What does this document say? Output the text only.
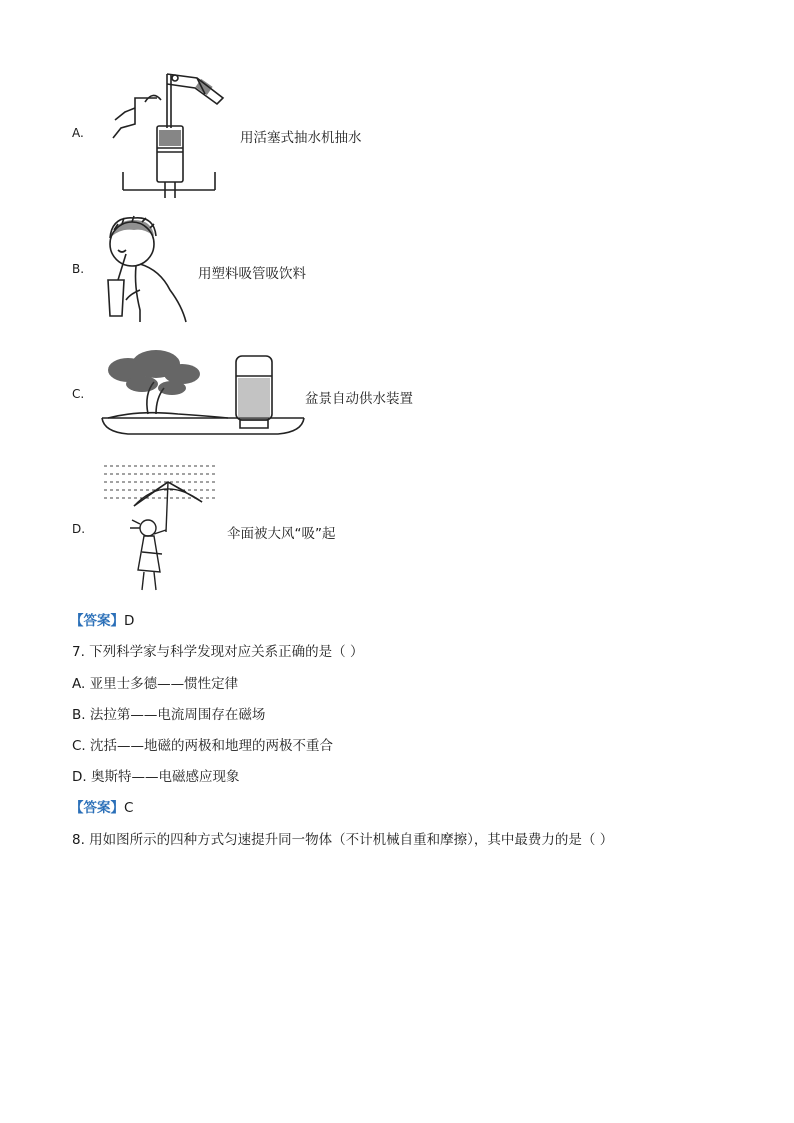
A.	用活塞式抽水机抽水
B.	用塑料吸管吸饮料
C.	盆景自动供水装置
D.	伞面被大风“吸”起
【答案】D
7. 下列科学家与科学发现对应关系正确的是（ ）
A. 亚里士多德——惯性定律
B. 法拉第——电流周围存在磁场
C. 沈括——地磁的两极和地理的两极不重合
D. 奥斯特——电磁感应现象
【答案】C
8. 用如图所示的四种方式匀速提升同一物体（不计机械自重和摩擦），其中最费力的是（ ）
